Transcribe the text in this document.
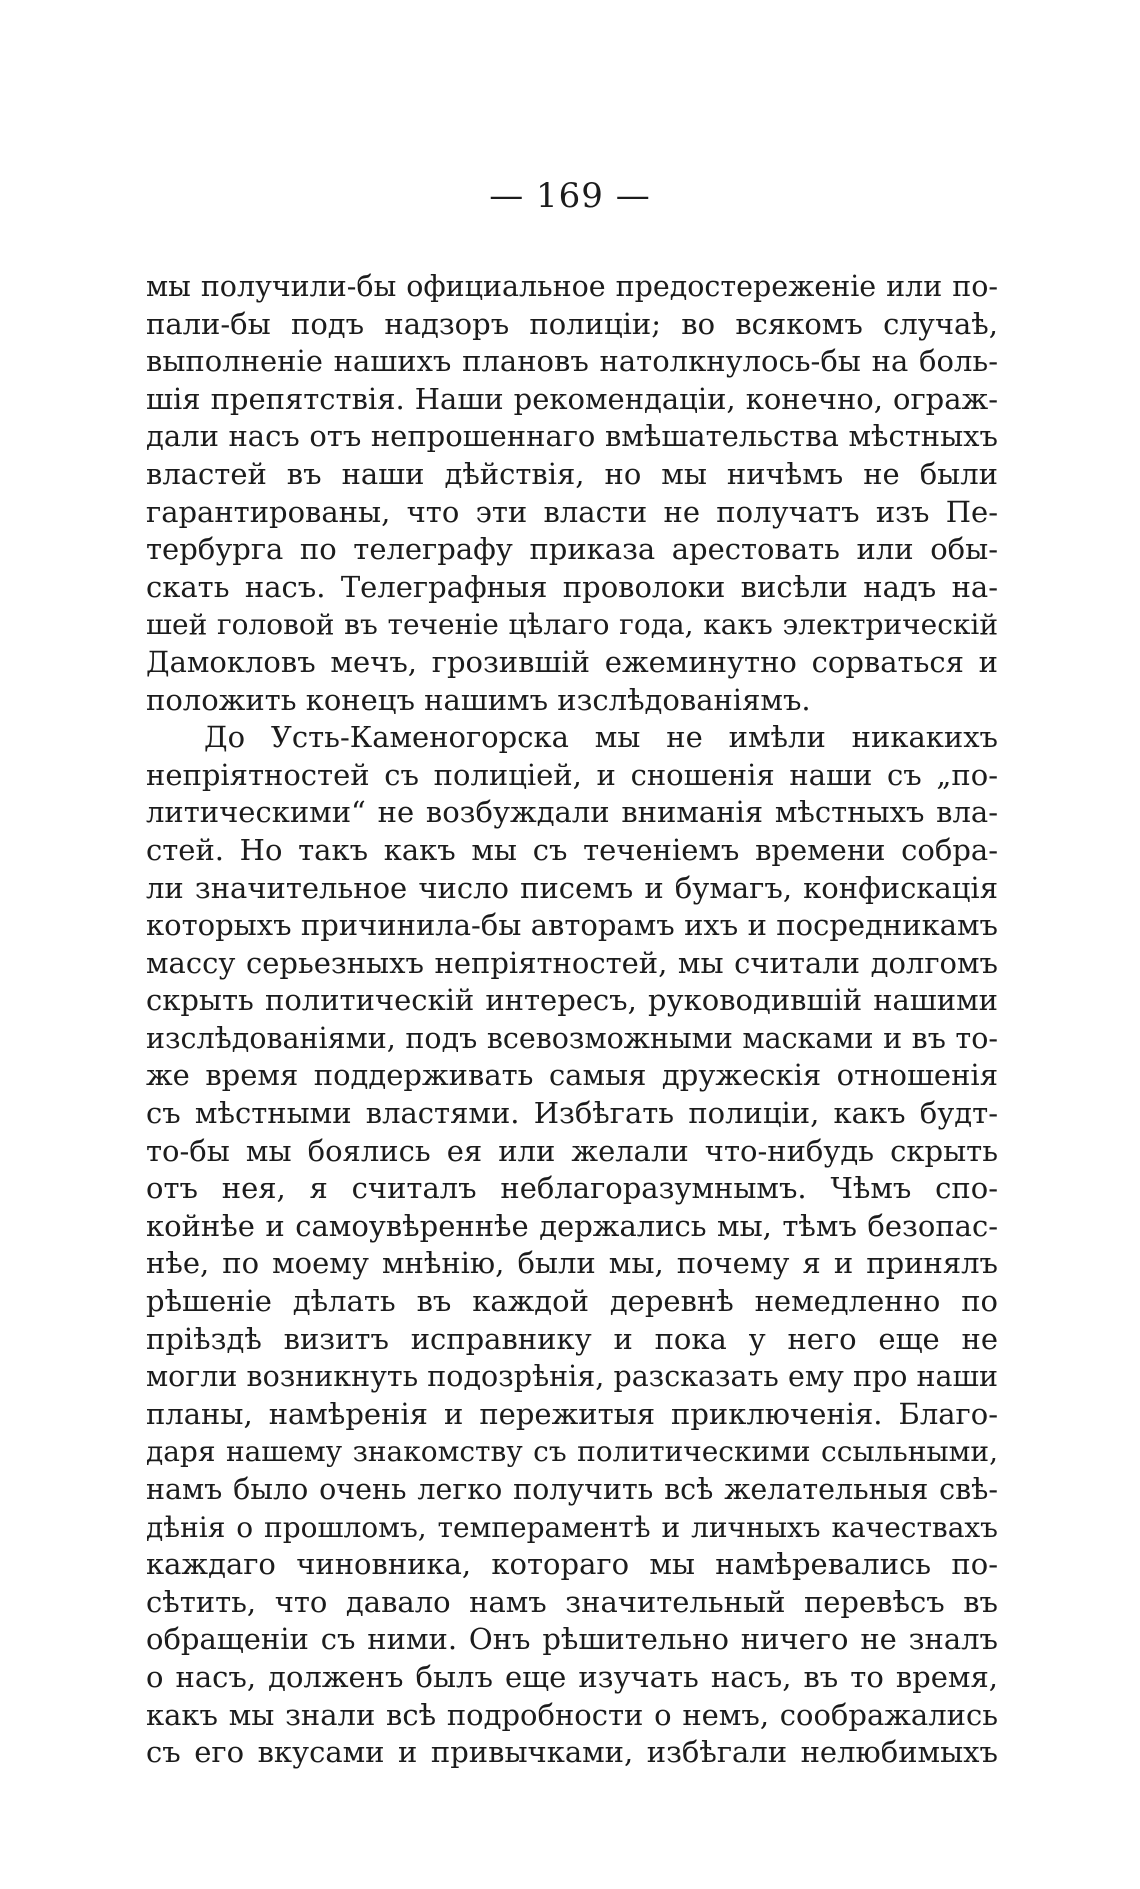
— 169 —
мы получили-бы официальное предостереженіе или по-
пали-бы подъ надзоръ полиціи; во всякомъ случаѣ,
выполненіе нашихъ плановъ натолкнулось-бы на боль-
шія препятствія. Наши рекомендаціи, конечно, ограж-
дали насъ отъ непрошеннаго вмѣшательства мѣстныхъ
властей въ наши дѣйствія, но мы ничѣмъ не были
гарантированы, что эти власти не получатъ изъ Пе-
тербурга по телеграфу приказа арестовать или обы-
скать насъ. Телеграфныя проволоки висѣли надъ на-
шей головой въ теченіе цѣлаго года, какъ электрическій
Дамокловъ мечъ, грозившій ежеминутно сорваться и
положить конецъ нашимъ изслѣдованіямъ.
До Усть-Каменогорска мы не имѣли никакихъ
непріятностей съ полиціей, и сношенія наши съ „по-
литическими“ не возбуждали вниманія мѣстныхъ вла-
стей. Но такъ какъ мы съ теченіемъ времени собра-
ли значительное число писемъ и бумагъ, конфискація
которыхъ причинила-бы авторамъ ихъ и посредникамъ
массу серьезныхъ непріятностей, мы считали долгомъ
скрыть политическій интересъ, руководившій нашими
изслѣдованіями, подъ всевозможными масками и въ то-
же время поддерживать самыя дружескія отношенія
съ мѣстными властями. Избѣгать полиціи, какъ будт-
то-бы мы боялись ея или желали что-нибудь скрыть
отъ нея, я считалъ неблагоразумнымъ. Чѣмъ спо-
койнѣе и самоувѣреннѣе держались мы, тѣмъ безопас-
нѣе, по моему мнѣнію, были мы, почему я и принялъ
рѣшеніе дѣлать въ каждой деревнѣ немедленно по
пріѣздѣ визитъ исправнику и пока у него еще не
могли возникнуть подозрѣнія, разсказать ему про наши
планы, намѣренія и пережитыя приключенія. Благо-
даря нашему знакомству съ политическими ссыльными,
намъ было очень легко получить всѣ желательныя свѣ-
дѣнія о прошломъ, темпераментѣ и личныхъ качествахъ
каждаго чиновника, котораго мы намѣревались по-
сѣтить, что давало намъ значительный перевѣсъ въ
обращеніи съ ними. Онъ рѣшительно ничего не зналъ
о насъ, долженъ былъ еще изучать насъ, въ то время,
какъ мы знали всѣ подробности о немъ, соображались
съ его вкусами и привычками, избѣгали нелюбимыхъ
